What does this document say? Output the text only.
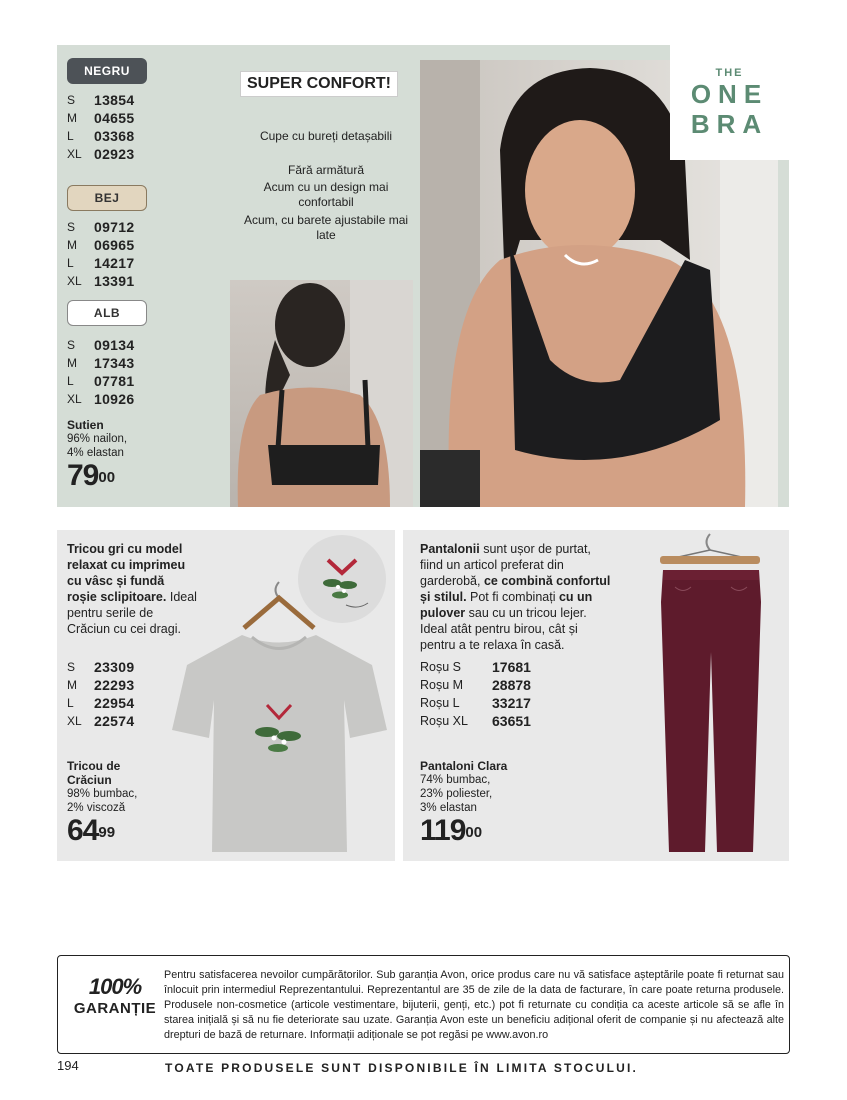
NEGRU
S	13854
M	04655
L	03368
XL 02923
BEJ
S	09712
M	06965
L	14217
XL 13391
ALB
S	09134
M	17343
L	07781
XL 10926
Sutien
96% nailon,
4% elastan
$79^{00}$
SUPER CONFORT!
Cupe cu bureți detașabili
Fără armătură
Acum cu un design mai confortabil
Acum, cu barete ajustabile mai late
THE
ONE
BRA
Tricou gri cu model relaxat cu imprimeu cu vâsc și fundă roșie sclipitoare. Ideal pentru serile de Crăciun cu cei dragi.
S	23309
M	22293
L	22954
XL 22574
Tricou de
Crăciun
98% bumbac,
2% viscoză
$64^{99}$
Pantalonii sunt ușor de purtat, fiind un articol preferat din garderobă, ce combină confortul și stilul. Pot fi combinați cu un pulover sau cu un tricou lejer. Ideal atât pentru birou, cât și pentru a te relaxa în casă.
Roșu S	17681
Roșu M	28878
Roșu L	33217
Roșu XL	63651
Pantaloni Clara
74% bumbac,
23% poliester,
3% elastan
$119^{00}$
100%
GARANȚIE
Pentru satisfacerea nevoilor cumpărătorilor. Sub garanția Avon, orice produs care nu vă satisface așteptările poate fi returnat sau înlocuit prin intermediul Reprezentantului. Reprezentantul are 35 de zile de la data de facturare, în care poate returna produsele. Produsele non-cosmetice (articole vestimentare, bijuterii, genți, etc.) pot fi returnate cu condiția ca aceste articole să se afle în starea inițială și să nu fie deteriorate sau uzate. Garanția Avon este un beneficiu adițional oferit de companie și nu afectează alte drepturi de bază de returnare. Informații adiționale se pot regăsi pe www.avon.ro
194	TOATE PRODUSELE SUNT DISPONIBILE ÎN LIMITA STOCULUI.
